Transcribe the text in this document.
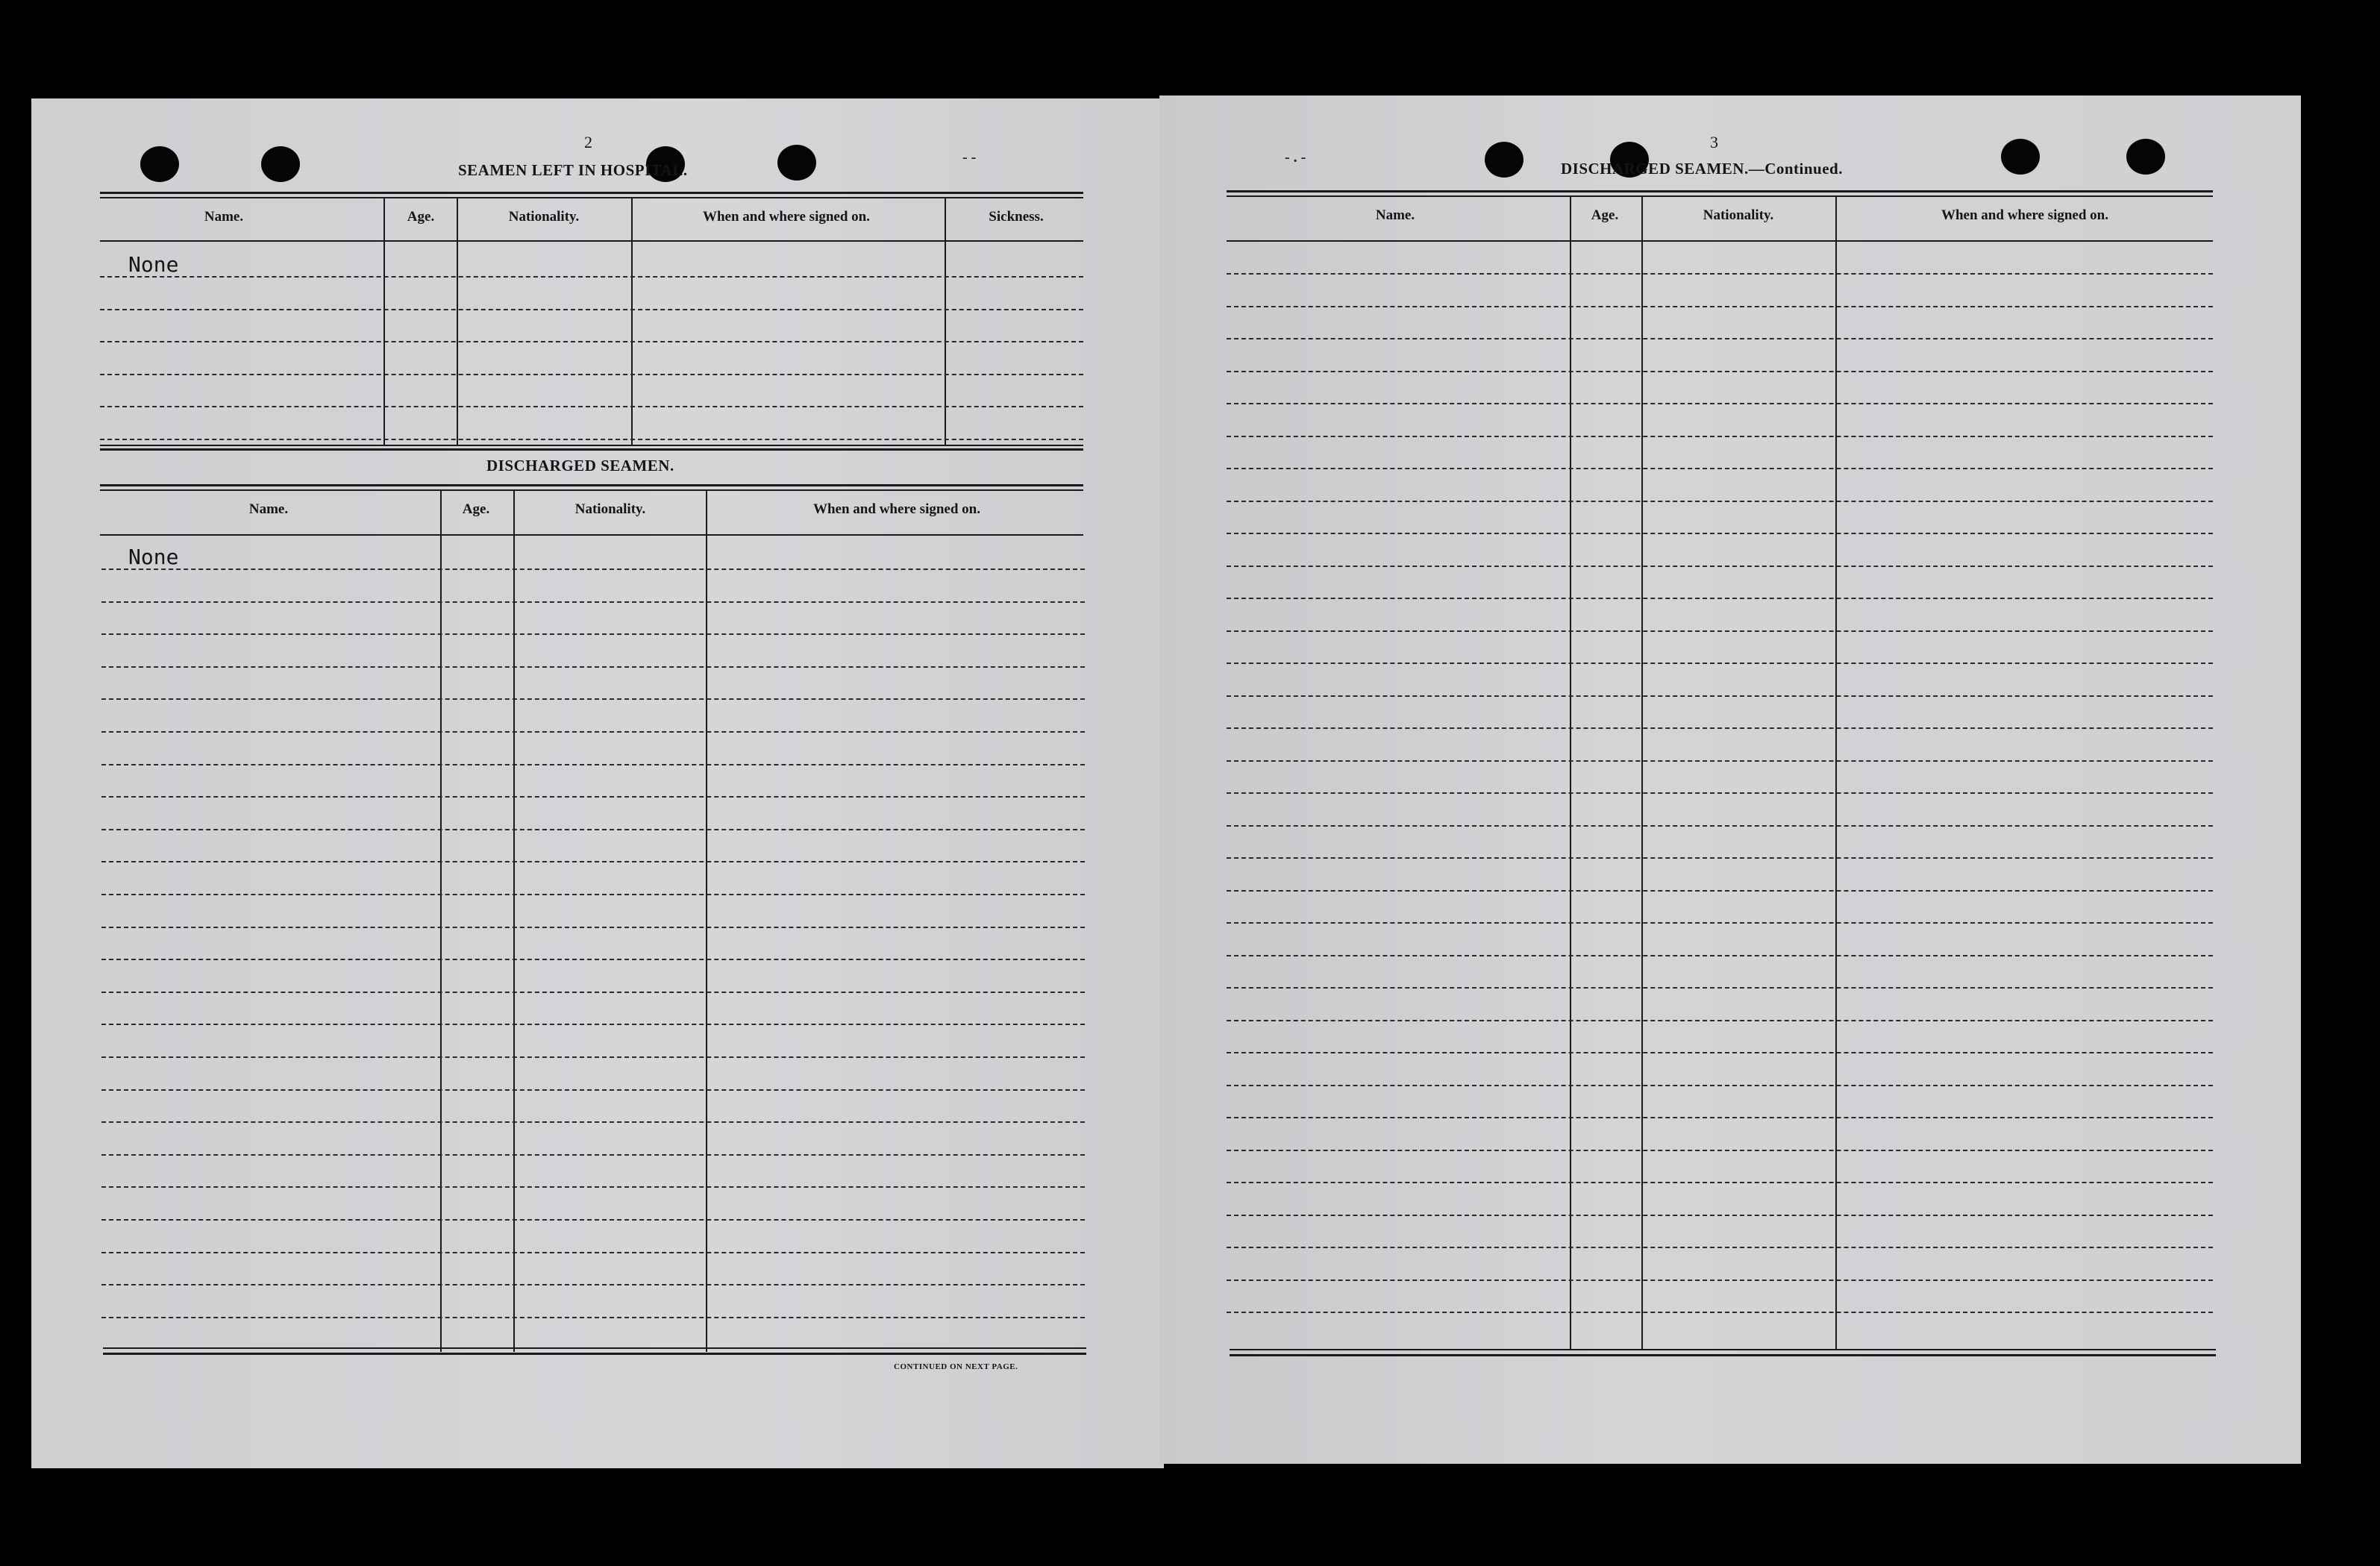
2
SEAMEN LEFT IN HOSPITAL.
3
DISCHARGED SEAMEN.—Continued.
- -	- . -
Name.	Age.	Nationality.	When and where signed on.	Sickness.
None
DISCHARGED SEAMEN.
Name.	Age.	Nationality.	When and where signed on.
None
CONTINUED ON NEXT PAGE.
Name.	Age.	Nationality.	When and where signed on.
